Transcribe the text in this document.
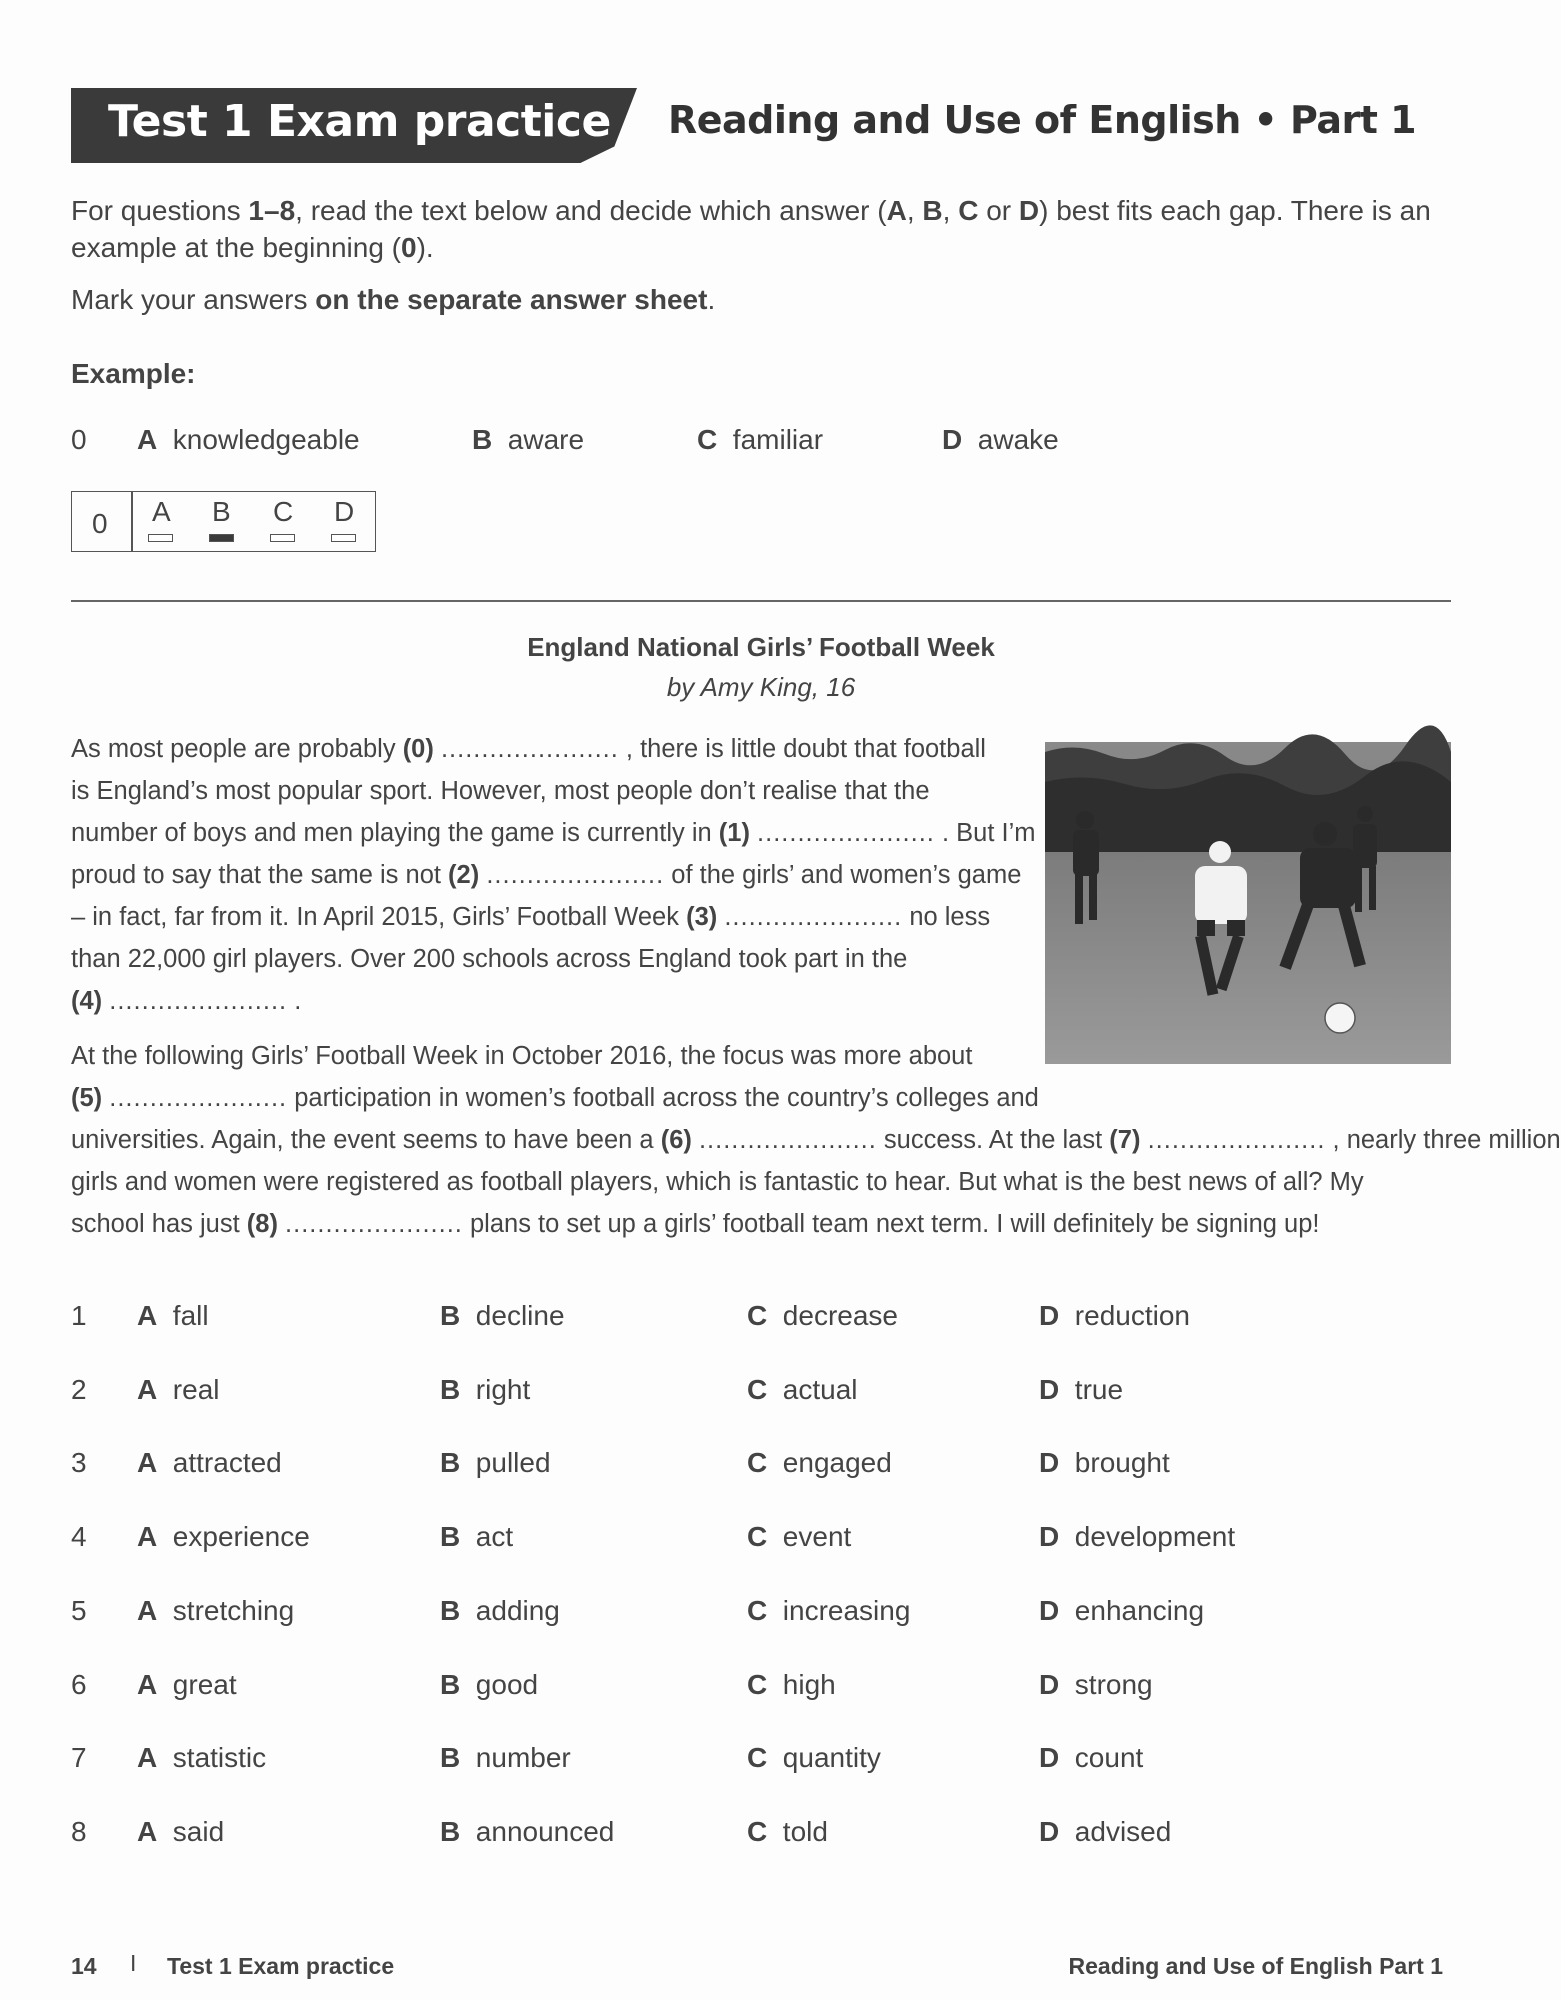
Test 1 Exam practice Reading and Use of English • Part 1
For questions 1–8, read the text below and decide which answer (A, B, C or D) best fits each gap. There is an example at the beginning (0).
Mark your answers on the separate answer sheet.
Example:
0 A knowledgeable	B aware	C familiar	D awake
0 A B C D
England National Girls’ Football Week
by Amy King, 16
As most people are probably (0) ...................... , there is little doubt that football
is England’s most popular sport. However, most people don’t realise that the
number of boys and men playing the game is currently in (1) ...................... . But I’m
proud to say that the same is not (2) ...................... of the girls’ and women’s game
– in fact, far from it. In April 2015, Girls’ Football Week (3) ...................... no less
than 22,000 girl players. Over 200 schools across England took part in the
(4) ...................... .
At the following Girls’ Football Week in October 2016, the focus was more about
(5) ...................... participation in women’s football across the country’s colleges and
universities. Again, the event seems to have been a (6) ...................... success. At the last (7) ...................... , nearly three million
girls and women were registered as football players, which is fantastic to hear. But what is the best news of all? My
school has just (8) ...................... plans to set up a girls’ football team next term. I will definitely be signing up!
1 A fall	B decline	C decrease	D reduction
2 A real	B right	C actual	D true
3 A attracted	B pulled	C engaged	D brought
4 A experience	B act	C event	D development
5 A stretching	B adding	C increasing	D enhancing
6 A great	B good	C high	D strong
7 A statistic	B number	C quantity	D count
8 A said	B announced	C told	D advised
14 I Test 1 Exam practice	Reading and Use of English Part 1
